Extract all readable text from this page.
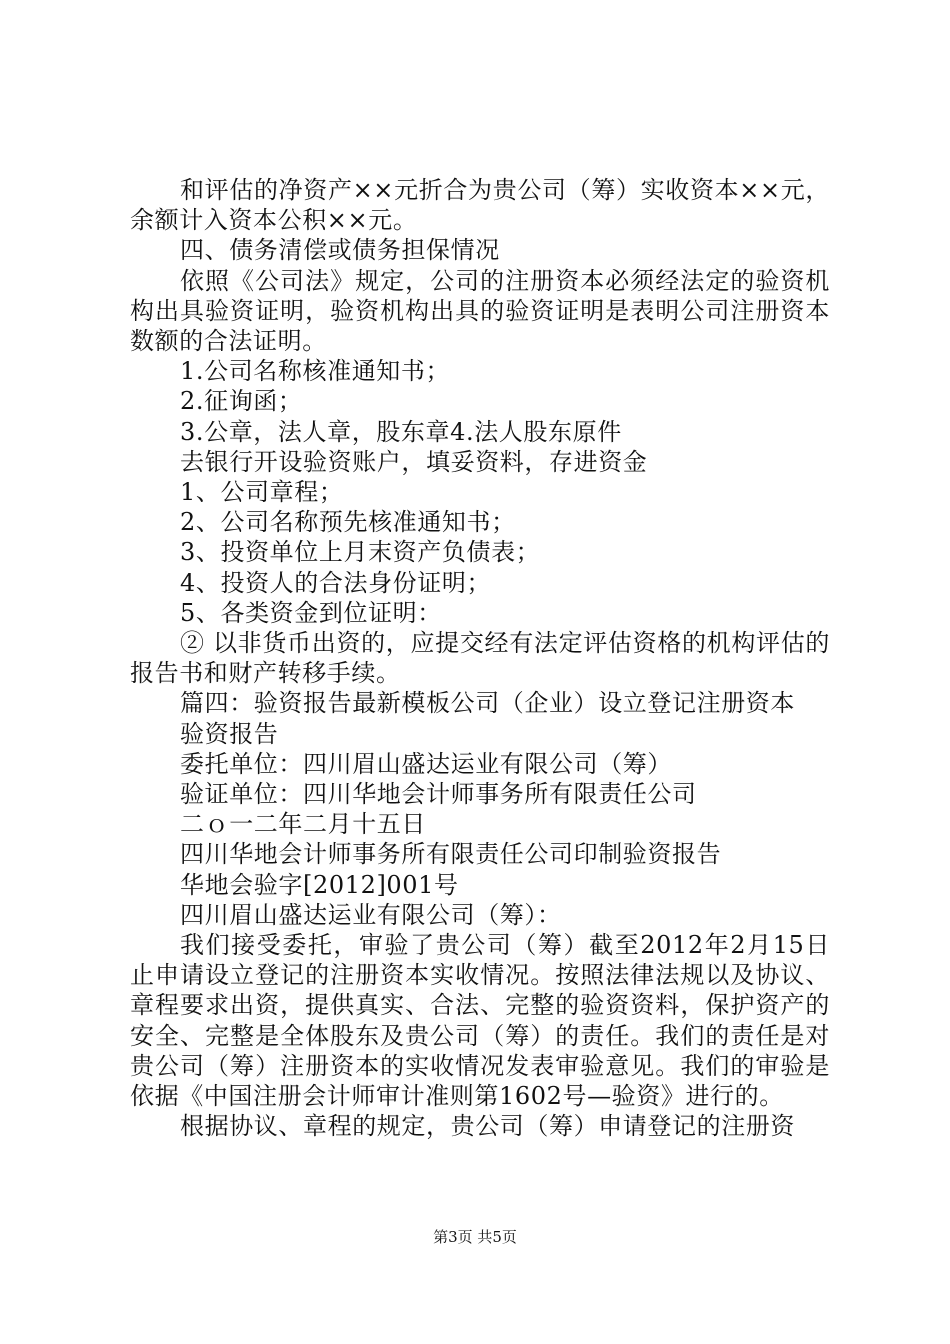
和评估的净资产××元折合为贵公司（筹）实收资本××元，余额计入资本公积××元。

四、债务清偿或债务担保情况

依照《公司法》规定，公司的注册资本必须经法定的验资机构出具验资证明，验资机构出具的验资证明是表明公司注册资本数额的合法证明。

1.公司名称核准通知书；

2.征询函；

3.公章，法人章，股东章4.法人股东原件

去银行开设验资账户，填妥资料，存进资金

1、公司章程；

2、公司名称预先核准通知书；

3、投资单位上月末资产负债表；

4、投资人的合法身份证明；

5、各类资金到位证明：

② 以非货币出资的，应提交经有法定评估资格的机构评估的报告书和财产转移手续。

篇四：验资报告最新模板公司（企业）设立登记注册资本

验资报告

委托单位：四川眉山盛达运业有限公司（筹）

验证单位：四川华地会计师事务所有限责任公司

二ｏ一二年二月十五日

四川华地会计师事务所有限责任公司印制验资报告

华地会验字[2012]001号

四川眉山盛达运业有限公司（筹）：

我们接受委托，审验了贵公司（筹）截至2012年2月15日止申请设立登记的注册资本实收情况。按照法律法规以及协议、章程要求出资，提供真实、合法、完整的验资资料，保护资产的安全、完整是全体股东及贵公司（筹）的责任。我们的责任是对贵公司（筹）注册资本的实收情况发表审验意见。我们的审验是依据《中国注册会计师审计准则第1602号—验资》进行的。

根据协议、章程的规定，贵公司（筹）申请登记的注册资

第3页 共5页
